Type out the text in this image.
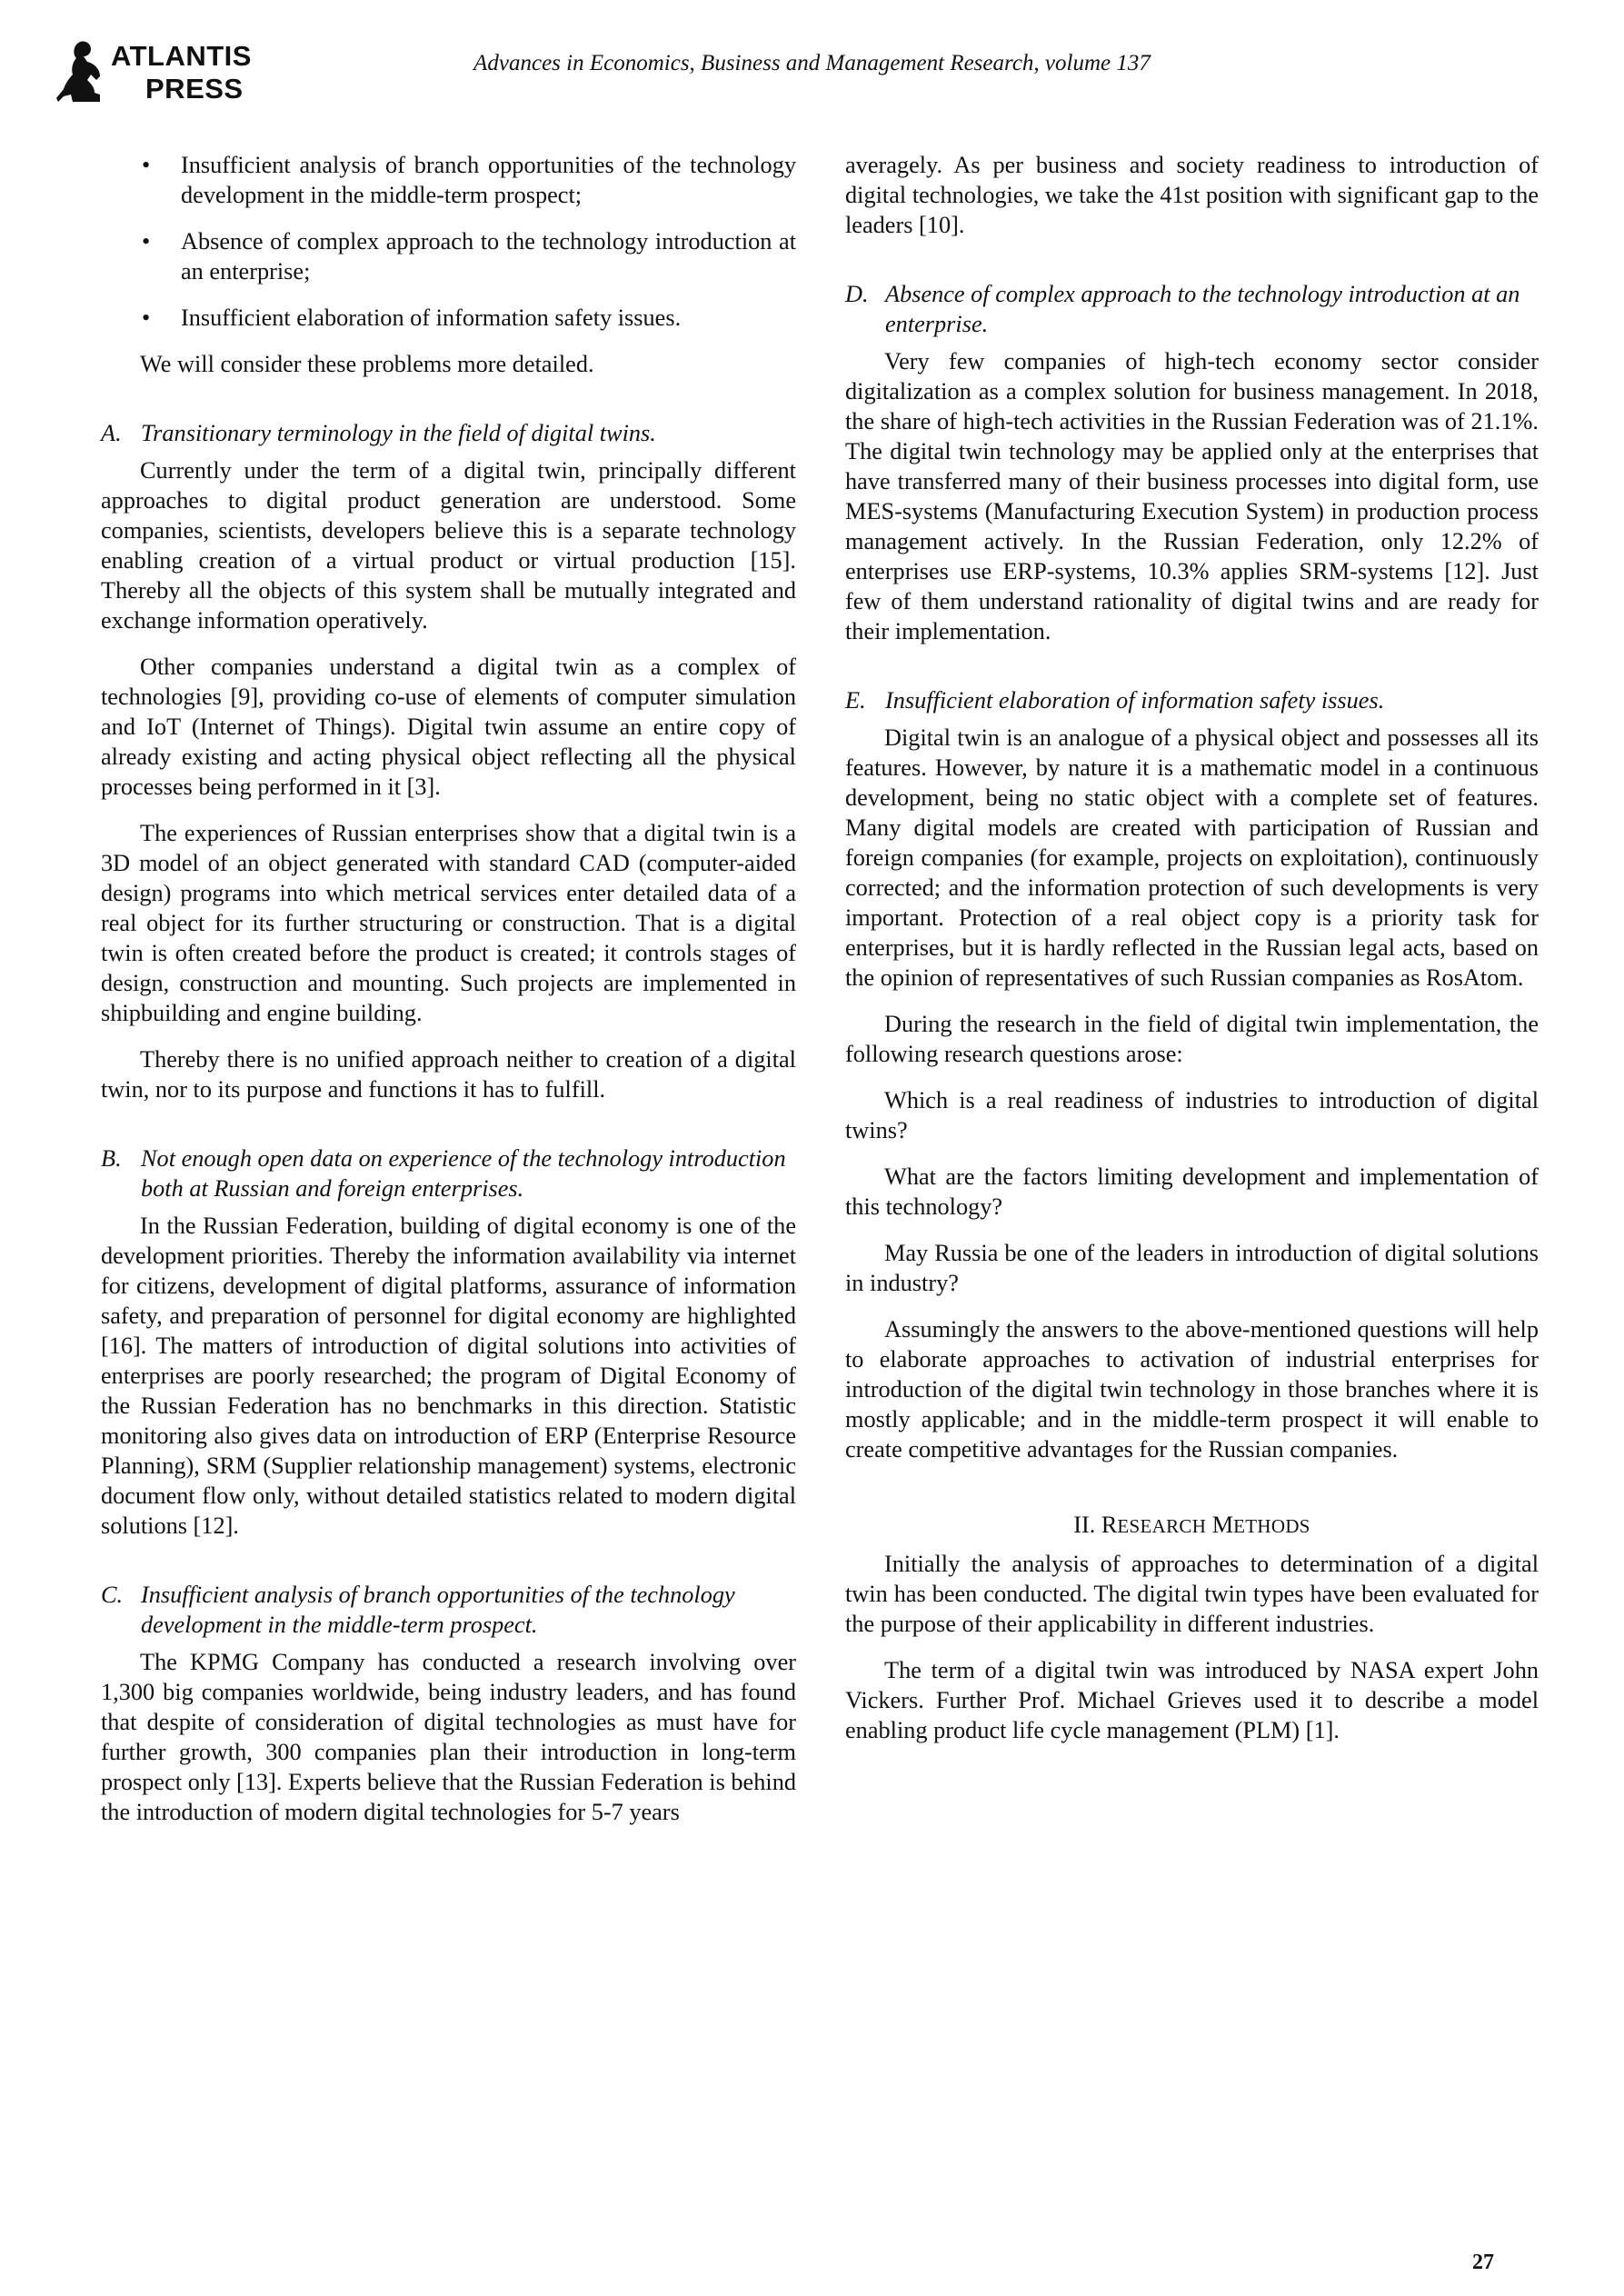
ATLANTIS
PRESS
Advances in Economics, Business and Management Research, volume 137
• Insufficient analysis of branch opportunities of the technology development in the middle-term prospect;
• Absence of complex approach to the technology introduction at an enterprise;
• Insufficient elaboration of information safety issues.

We will consider these problems more detailed.

A. Transitionary terminology in the field of digital twins.

Currently under the term of a digital twin, principally different approaches to digital product generation are understood. Some companies, scientists, developers believe this is a separate technology enabling creation of a virtual product or virtual production [15]. Thereby all the objects of this system shall be mutually integrated and exchange information operatively.

Other companies understand a digital twin as a complex of technologies [9], providing co-use of elements of computer simulation and IoT (Internet of Things). Digital twin assume an entire copy of already existing and acting physical object reflecting all the physical processes being performed in it [3].

The experiences of Russian enterprises show that a digital twin is a 3D model of an object generated with standard CAD (computer-aided design) programs into which metrical services enter detailed data of a real object for its further structuring or construction. That is a digital twin is often created before the product is created; it controls stages of design, construction and mounting. Such projects are implemented in shipbuilding and engine building.

Thereby there is no unified approach neither to creation of a digital twin, nor to its purpose and functions it has to fulfill.

B. Not enough open data on experience of the technology introduction both at Russian and foreign enterprises.

In the Russian Federation, building of digital economy is one of the development priorities. Thereby the information availability via internet for citizens, development of digital platforms, assurance of information safety, and preparation of personnel for digital economy are highlighted [16]. The matters of introduction of digital solutions into activities of enterprises are poorly researched; the program of Digital Economy of the Russian Federation has no benchmarks in this direction. Statistic monitoring also gives data on introduction of ERP (Enterprise Resource Planning), SRM (Supplier relationship management) systems, electronic document flow only, without detailed statistics related to modern digital solutions [12].

C. Insufficient analysis of branch opportunities of the technology development in the middle-term prospect.

The KPMG Company has conducted a research involving over 1,300 big companies worldwide, being industry leaders, and has found that despite of consideration of digital technologies as must have for further growth, 300 companies plan their introduction in long-term prospect only [13]. Experts believe that the Russian Federation is behind the introduction of modern digital technologies for 5-7 years

averagely. As per business and society readiness to introduction of digital technologies, we take the 41st position with significant gap to the leaders [10].

D. Absence of complex approach to the technology introduction at an enterprise.

Very few companies of high-tech economy sector consider digitalization as a complex solution for business management. In 2018, the share of high-tech activities in the Russian Federation was of 21.1%. The digital twin technology may be applied only at the enterprises that have transferred many of their business processes into digital form, use MES-systems (Manufacturing Execution System) in production process management actively. In the Russian Federation, only 12.2% of enterprises use ERP-systems, 10.3% applies SRM-systems [12]. Just few of them understand rationality of digital twins and are ready for their implementation.

E. Insufficient elaboration of information safety issues.

Digital twin is an analogue of a physical object and possesses all its features. However, by nature it is a mathematic model in a continuous development, being no static object with a complete set of features. Many digital models are created with participation of Russian and foreign companies (for example, projects on exploitation), continuously corrected; and the information protection of such developments is very important. Protection of a real object copy is a priority task for enterprises, but it is hardly reflected in the Russian legal acts, based on the opinion of representatives of such Russian companies as RosAtom.

During the research in the field of digital twin implementation, the following research questions arose:

Which is a real readiness of industries to introduction of digital twins?

What are the factors limiting development and implementation of this technology?

May Russia be one of the leaders in introduction of digital solutions in industry?

Assumingly the answers to the above-mentioned questions will help to elaborate approaches to activation of industrial enterprises for introduction of the digital twin technology in those branches where it is mostly applicable; and in the middle-term prospect it will enable to create competitive advantages for the Russian companies.

II. RESEARCH METHODS

Initially the analysis of approaches to determination of a digital twin has been conducted. The digital twin types have been evaluated for the purpose of their applicability in different industries.

The term of a digital twin was introduced by NASA expert John Vickers. Further Prof. Michael Grieves used it to describe a model enabling product life cycle management (PLM) [1].

27
